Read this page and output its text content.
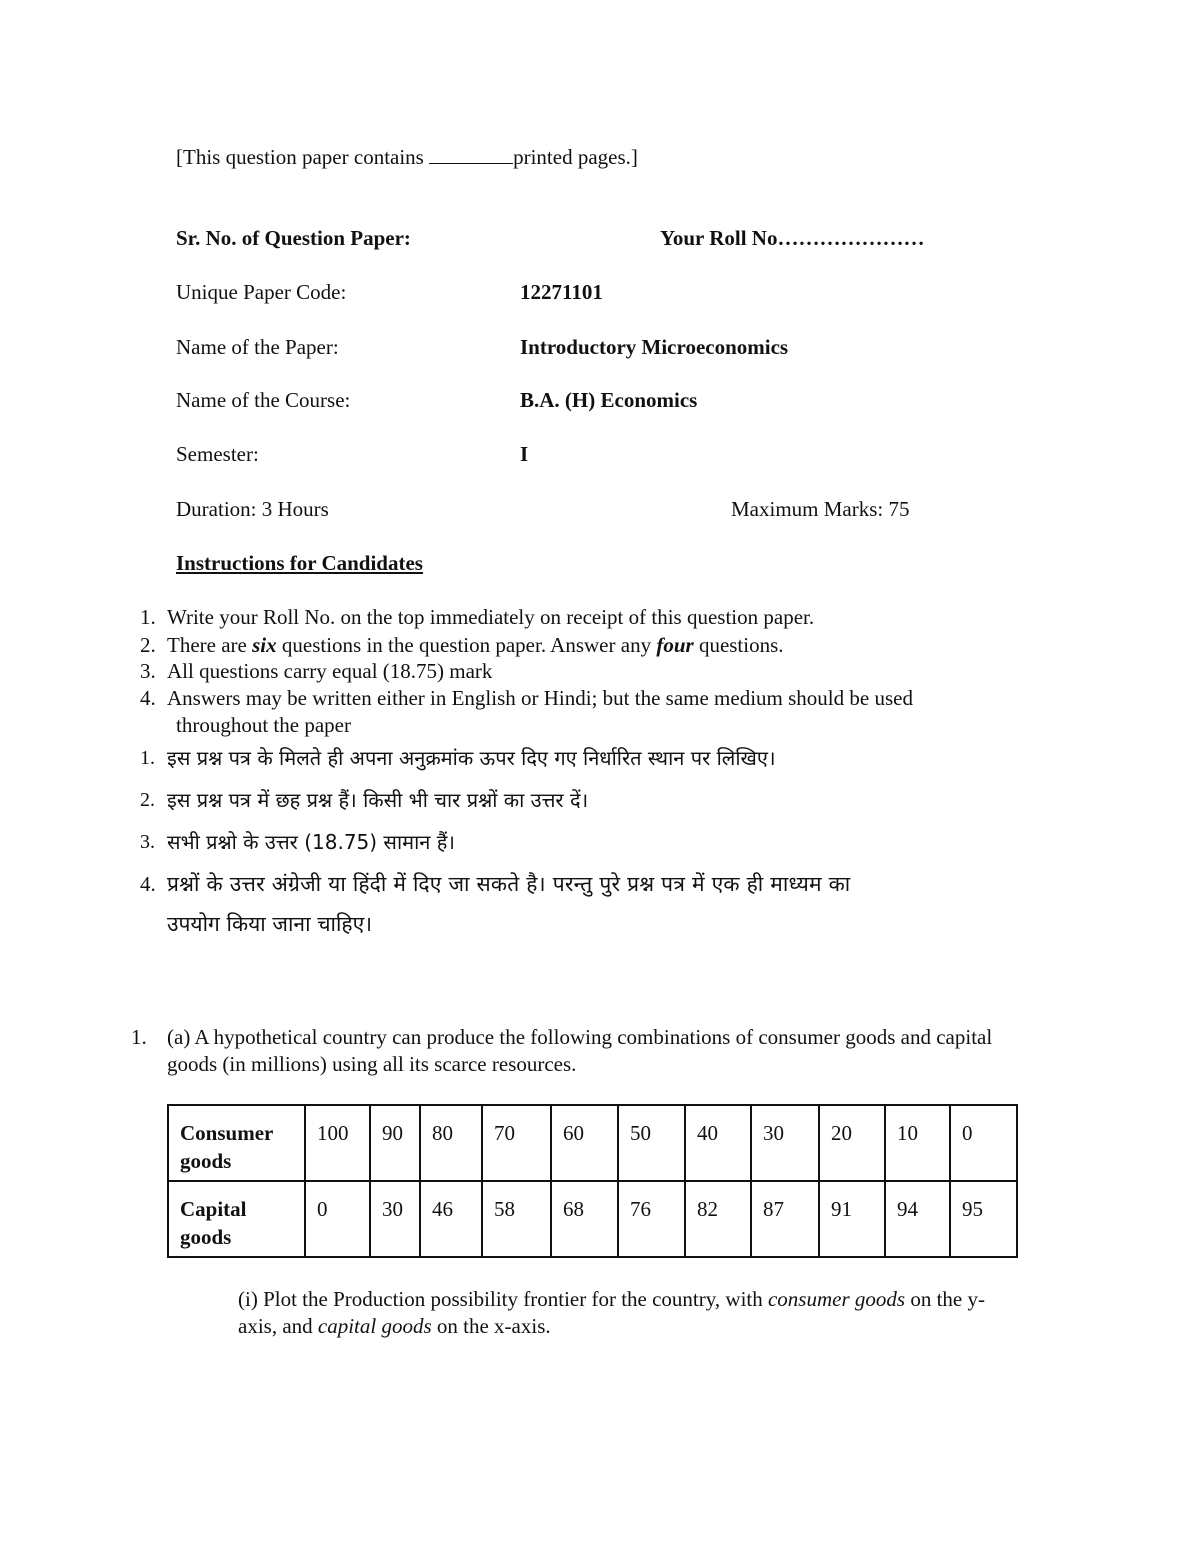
[This question paper contains	printed pages.]
Sr. No. of Question Paper:	Your Roll No…………………
Unique Paper Code:	12271101
Name of the Paper:	Introductory Microeconomics
Name of the Course:	B.A. (H) Economics
Semester:	I
Duration: 3 Hours	Maximum Marks: 75
Instructions for Candidates
1. Write your Roll No. on the top immediately on receipt of this question paper.
2. There are six questions in the question paper. Answer any four questions.
3. All questions carry equal (18.75) mark
4. Answers may be written either in English or Hindi; but the same medium should be used
throughout the paper
1. इस प्रश्न पत्र के मिलते ही अपना अनुक्रमांक ऊपर दिए गए निर्धारित स्थान पर लिखिए।
2. इस प्रश्न पत्र में छह प्रश्न हैं। किसी भी चार प्रश्नों का उत्तर दें।
3. सभी प्रश्नो के उत्तर (18.75) सामान हैं।
4. प्रश्नों के उत्तर अंग्रेजी या हिंदी में दिए जा सकते है। परन्तु पुरे प्रश्न पत्र में एक ही माध्यम का
उपयोग किया जाना चाहिए।
1. (a) A hypothetical country can produce the following combinations of consumer goods and capital
goods (in millions) using all its scarce resources.
Consumer goods	100	90	80	70	60	50	40	30	20	10	0
Capital goods	0	30	46	58	68	76	82	87	91	94	95
(i) Plot the Production possibility frontier for the country, with consumer goods on the y-
axis, and capital goods on the x-axis.
